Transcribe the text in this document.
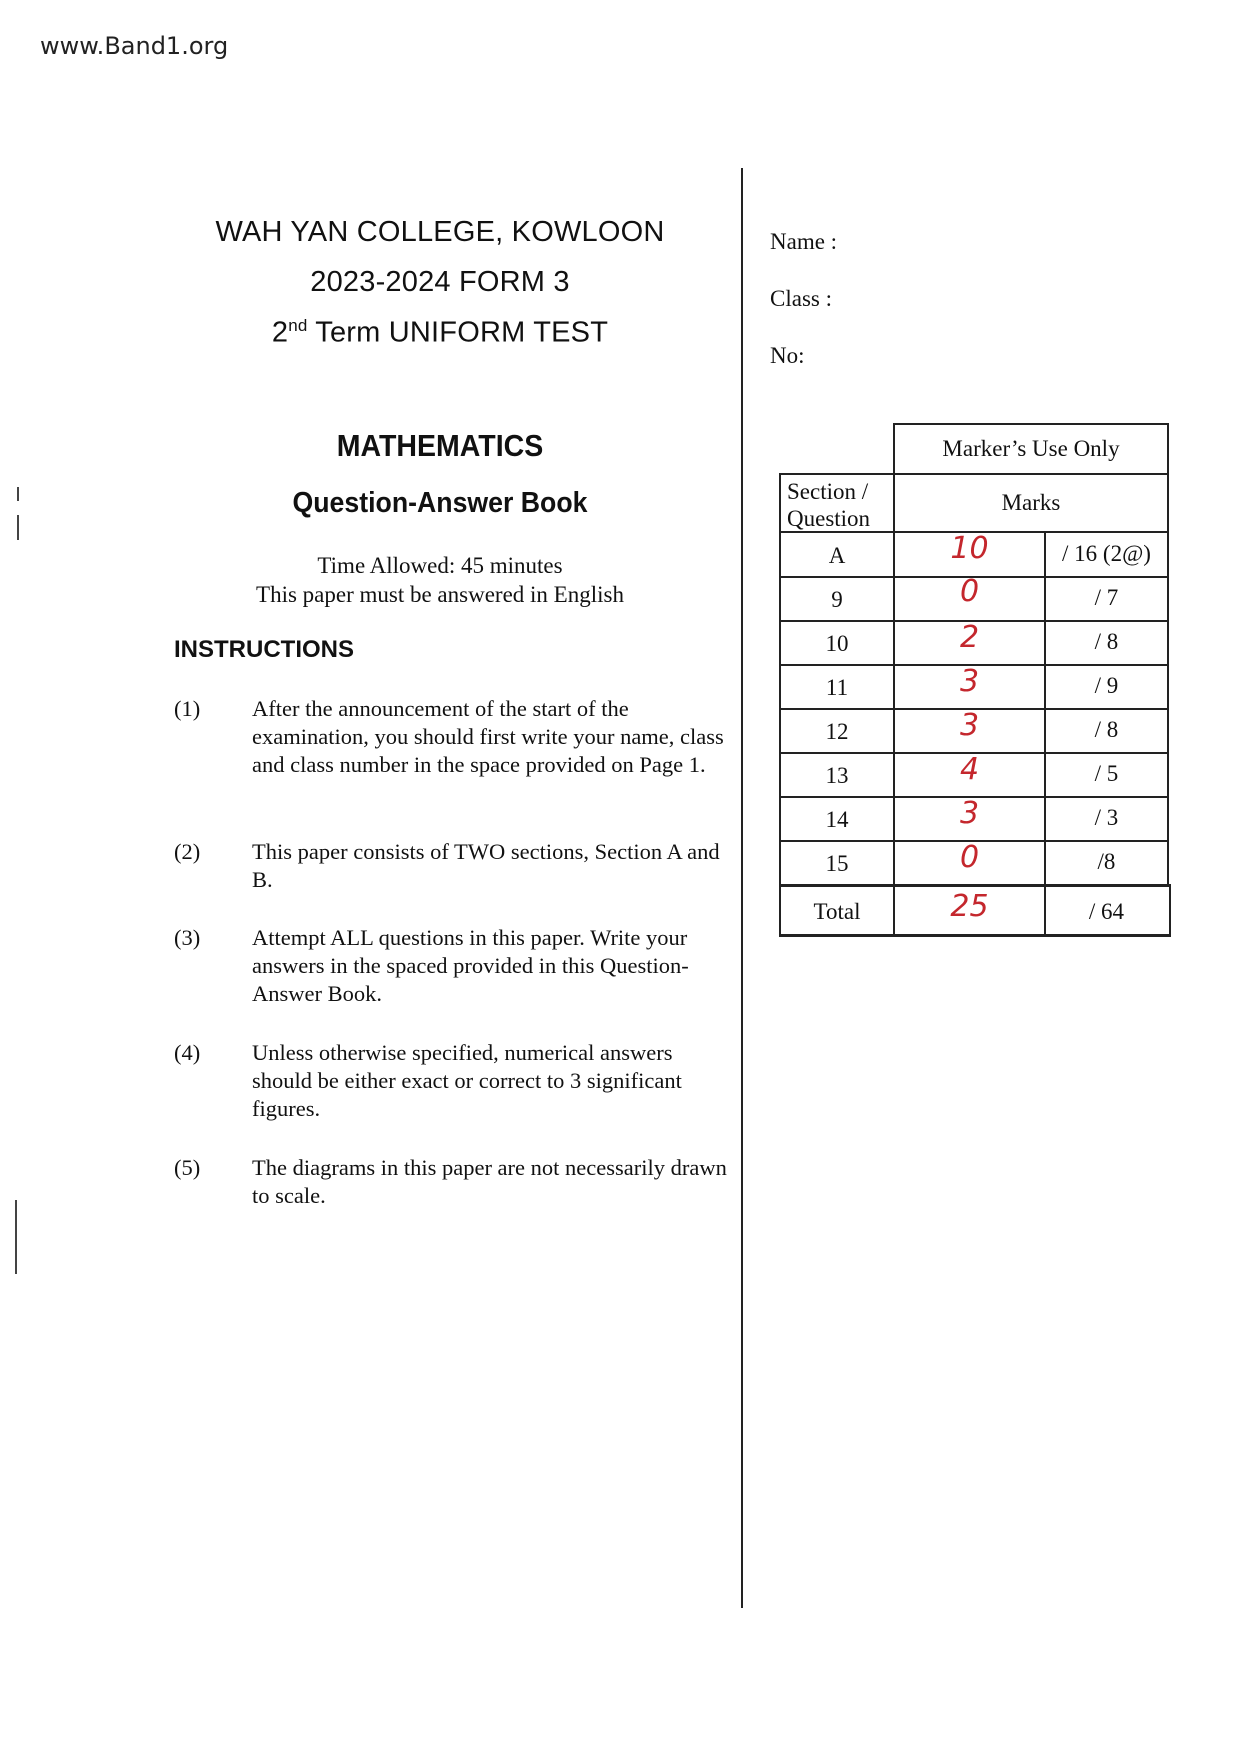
www.Band1.org
WAH YAN COLLEGE, KOWLOON
2023-2024 FORM 3
2nd Term UNIFORM TEST
MATHEMATICS
Question-Answer Book
Time Allowed: 45 minutes
This paper must be answered in English
INSTRUCTIONS
(1) After the announcement of the start of the examination, you should first write your name, class and class number in the space provided on Page 1.
(2) This paper consists of TWO sections, Section A and B.
(3) Attempt ALL questions in this paper. Write your answers in the spaced provided in this Question-Answer Book.
(4) Unless otherwise specified, numerical answers should be either exact or correct to 3 significant figures.
(5) The diagrams in this paper are not necessarily drawn to scale.
Name :
Class :
No:
Marker’s Use Only
Section / Question
Marks
A	10	/ 16 (2@)
9	0	/ 7
10	2	/ 8
11	3	/ 9
12	3	/ 8
13	4	/ 5
14	3	/ 3
15	0	/8
Total	25	/ 64
